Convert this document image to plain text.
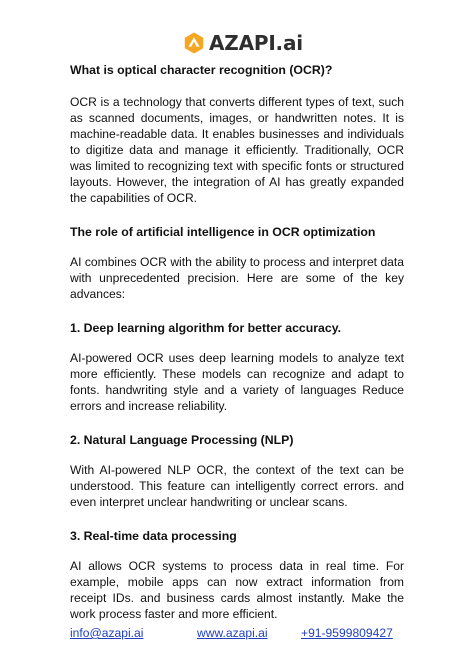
AZAPI.ai
What is optical character recognition (OCR)?

OCR is a technology that converts different types of text, such as scanned documents, images, or handwritten notes. It is machine-readable data. It enables businesses and individuals to digitize data and manage it efficiently. Traditionally, OCR was limited to recognizing text with specific fonts or structured layouts. However, the integration of AI has greatly expanded the capabilities of OCR.

The role of artificial intelligence in OCR optimization

AI combines OCR with the ability to process and interpret data with unprecedented precision. Here are some of the key advances:

1. Deep learning algorithm for better accuracy.

AI-powered OCR uses deep learning models to analyze text more efficiently. These models can recognize and adapt to fonts. handwriting style and a variety of languages Reduce errors and increase reliability.

2. Natural Language Processing (NLP)

With AI-powered NLP OCR, the context of the text can be understood. This feature can intelligently correct errors. and even interpret unclear handwriting or unclear scans.

3. Real-time data processing

AI allows OCR systems to process data in real time. For example, mobile apps can now extract information from receipt IDs. and business cards almost instantly. Make the work process faster and more efficient.

info@azapi.ai	www.azapi.ai	+91-9599809427
